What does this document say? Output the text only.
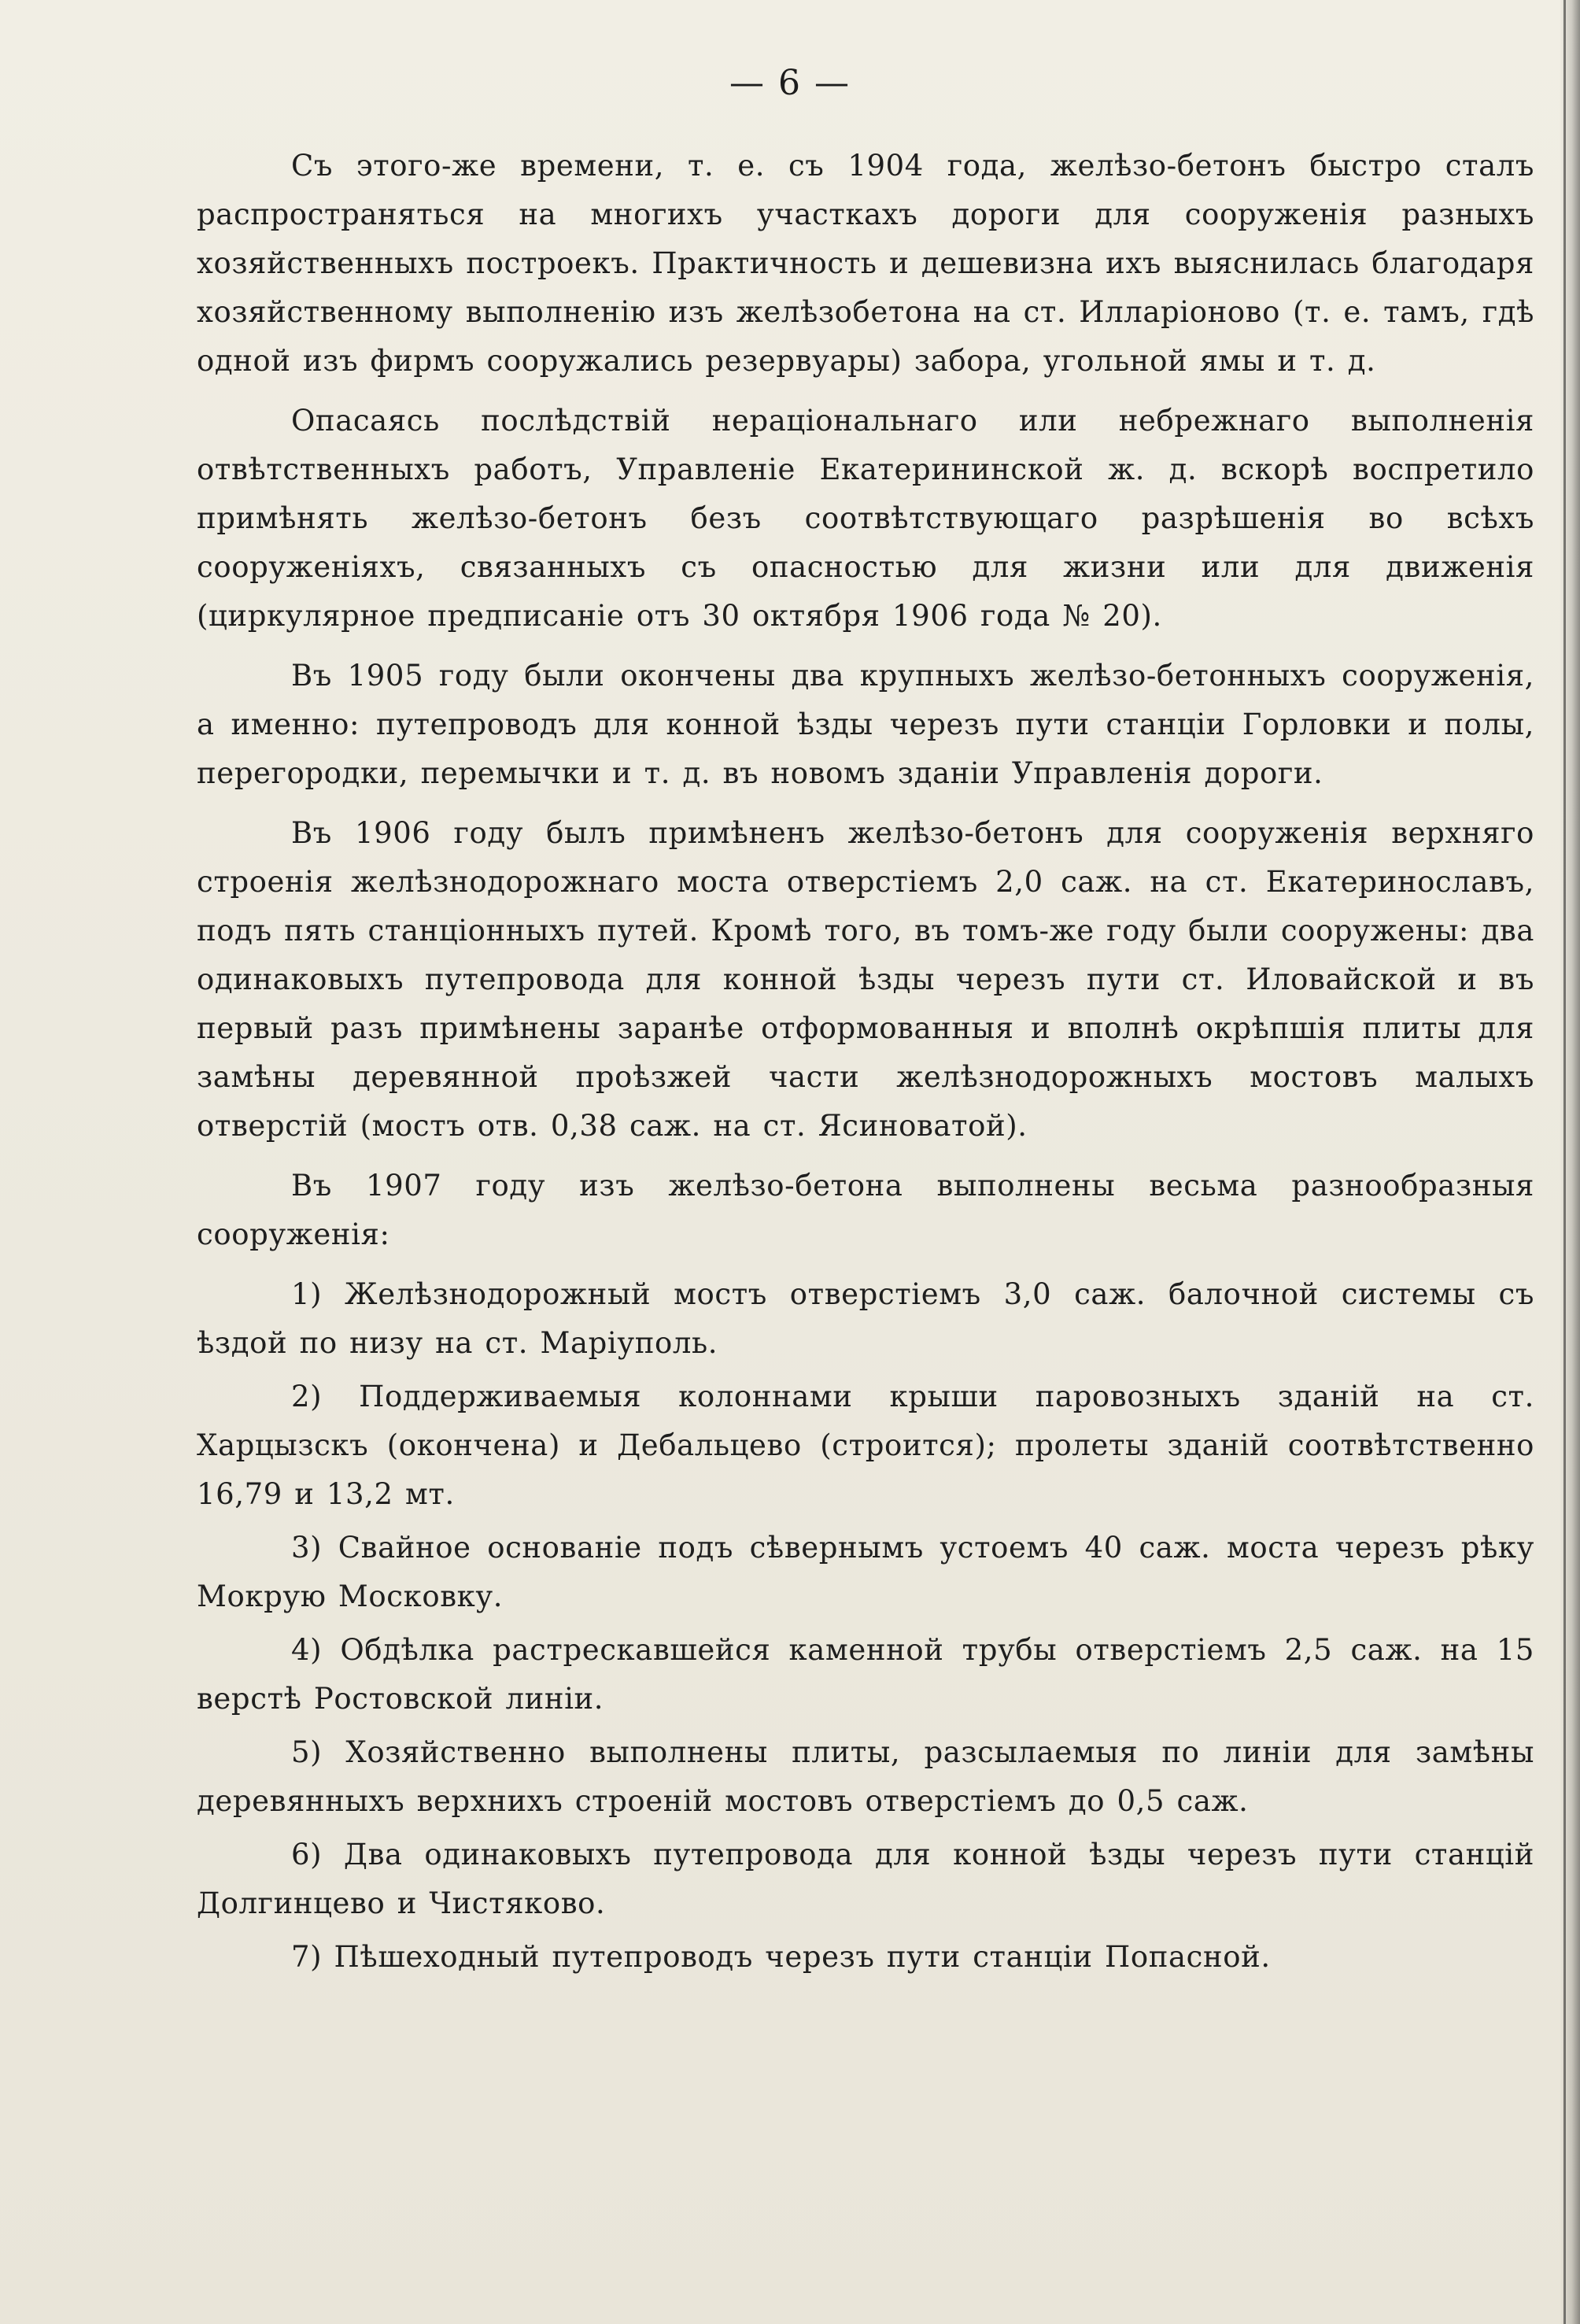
— 6 —

Съ этого-же времени, т. е. съ 1904 года, желѣзо-бетонъ быстро сталъ распространяться на многихъ участкахъ дороги для сооруженія разныхъ хозяйственныхъ построекъ. Практичность и дешевизна ихъ выяснилась благодаря хозяйственному выполненію изъ желѣзобетона на ст. Илларіоново (т. е. тамъ, гдѣ одной изъ фирмъ сооружались резервуары) забора, угольной ямы и т. д.

Опасаясь послѣдствій нераціональнаго или небрежнаго выполненія отвѣтственныхъ работъ, Управленіе Екатерининской ж. д. вскорѣ воспретило примѣнять желѣзо-бетонъ безъ соотвѣтствующаго разрѣшенія во всѣхъ сооруженіяхъ, связанныхъ съ опасностью для жизни или для движенія (циркулярное предписаніе отъ 30 октября 1906 года № 20).

Въ 1905 году были окончены два крупныхъ желѣзо-бетонныхъ сооруженія, а именно: путепроводъ для конной ѣзды черезъ пути станціи Горловки и полы, перегородки, перемычки и т. д. въ новомъ зданіи Управленія дороги.

Въ 1906 году былъ примѣненъ желѣзо-бетонъ для сооруженія верхняго строенія желѣзнодорожнаго моста отверстіемъ 2,0 саж. на ст. Екатеринославъ, подъ пять станціонныхъ путей. Кромѣ того, въ томъ-же году были сооружены: два одинаковыхъ путепровода для конной ѣзды черезъ пути ст. Иловайской и въ первый разъ примѣнены заранѣе отформованныя и вполнѣ окрѣпшія плиты для замѣны деревянной проѣзжей части желѣзнодорожныхъ мостовъ малыхъ отверстій (мостъ отв. 0,38 саж. на ст. Ясиноватой).

Въ 1907 году изъ желѣзо-бетона выполнены весьма разнообразныя сооруженія:

1) Желѣзнодорожный мостъ отверстіемъ 3,0 саж. балочной системы съ ѣздой по низу на ст. Маріуполь.

2) Поддерживаемыя колоннами крыши паровозныхъ зданій на ст. Харцызскъ (окончена) и Дебальцево (строится); пролеты зданій соотвѣтственно 16,79 и 13,2 мт.

3) Свайное основаніе подъ сѣвернымъ устоемъ 40 саж. моста черезъ рѣку Мокрую Московку.

4) Обдѣлка растрескавшейся каменной трубы отверстіемъ 2,5 саж. на 15 верстѣ Ростовской линіи.

5) Хозяйственно выполнены плиты, разсылаемыя по линіи для замѣны деревянныхъ верхнихъ строеній мостовъ отверстіемъ до 0,5 саж.

6) Два одинаковыхъ путепровода для конной ѣзды черезъ пути станцій Долгинцево и Чистяково.

7) Пѣшеходный путепроводъ черезъ пути станціи Попасной.
